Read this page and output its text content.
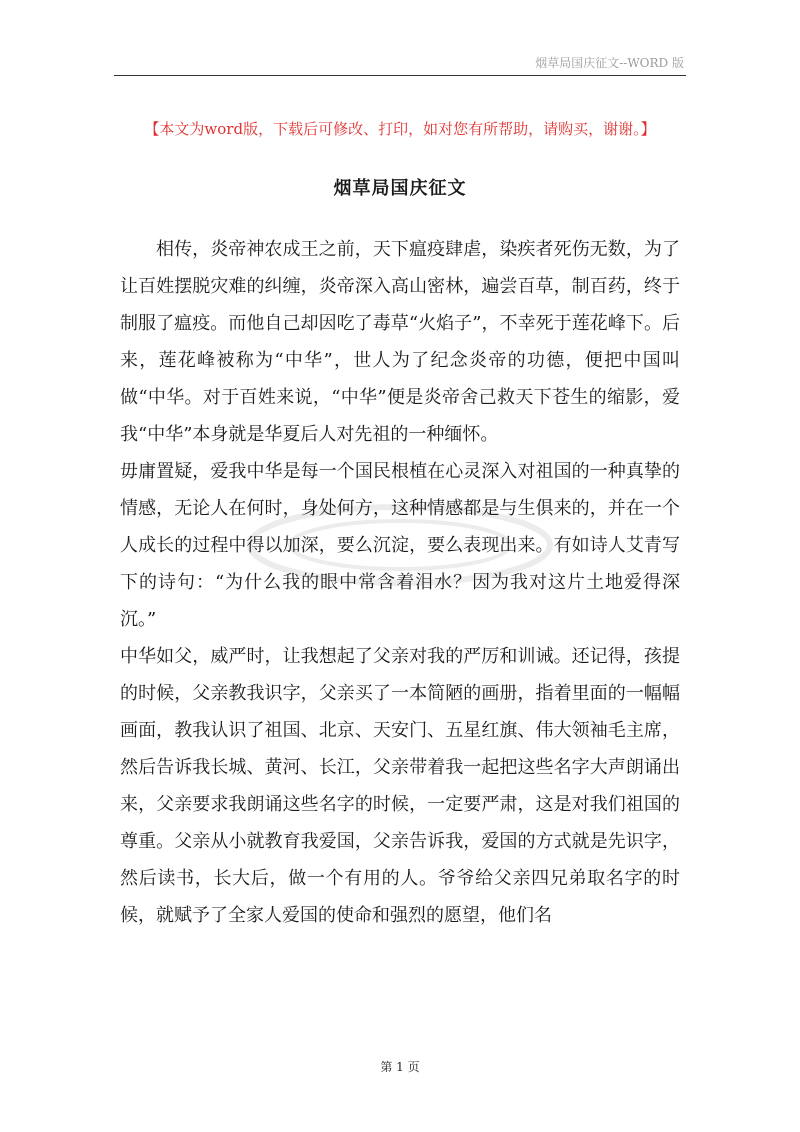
烟草局国庆征文--WORD 版
【本文为word版，下载后可修改、打印，如对您有所帮助，请购买，谢谢。】
烟草局国庆征文

相传，炎帝神农成王之前，天下瘟疫肆虐，染疾者死伤无数，为了让百姓摆脱灾难的纠缠，炎帝深入高山密林，遍尝百草，制百药，终于制服了瘟疫。而他自己却因吃了毒草“火焰子”，不幸死于莲花峰下。后来，莲花峰被称为“中华”，世人为了纪念炎帝的功德，便把中国叫做“中华。对于百姓来说，“中华”便是炎帝舍己救天下苍生的缩影，爱我“中华”本身就是华夏后人对先祖的一种缅怀。

毋庸置疑，爱我中华是每一个国民根植在心灵深入对祖国的一种真挚的情感，无论人在何时，身处何方，这种情感都是与生俱来的，并在一个人成长的过程中得以加深，要么沉淀，要么表现出来。有如诗人艾青写下的诗句：“为什么我的眼中常含着泪水？因为我对这片土地爱得深沉。”

中华如父，威严时，让我想起了父亲对我的严厉和训诫。还记得，孩提的时候，父亲教我识字，父亲买了一本简陋的画册，指着里面的一幅幅画面，教我认识了祖国、北京、天安门、五星红旗、伟大领袖毛主席，然后告诉我长城、黄河、长江，父亲带着我一起把这些名字大声朗诵出来，父亲要求我朗诵这些名字的时候，一定要严肃，这是对我们祖国的尊重。父亲从小就教育我爱国，父亲告诉我，爱国的方式就是先识字，然后读书，长大后，做一个有用的人。爷爷给父亲四兄弟取名字的时候，就赋予了全家人爱国的使命和强烈的愿望，他们名

第 1 页
